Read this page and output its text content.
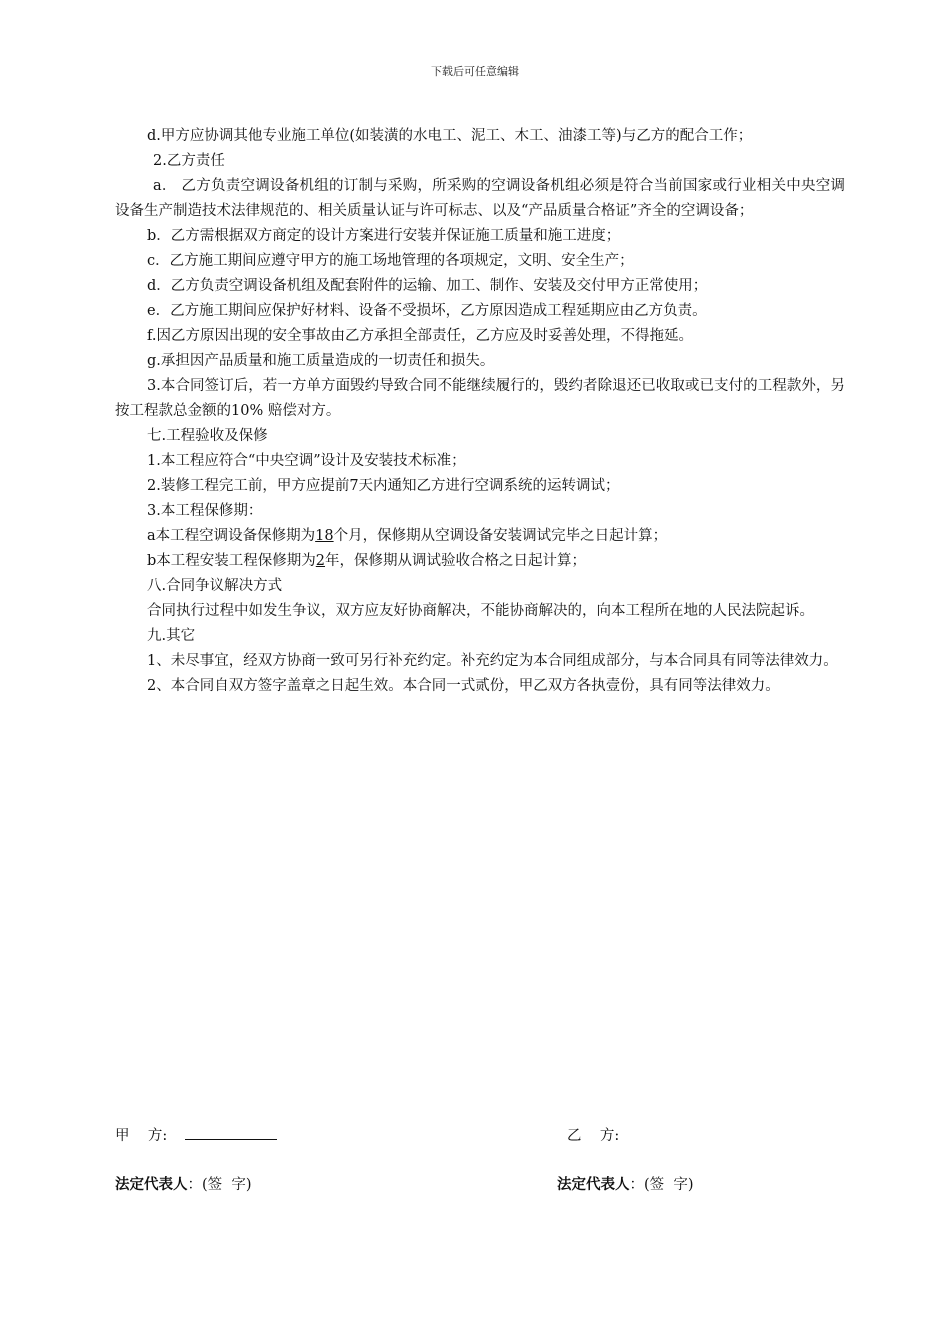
下载后可任意编辑

d.甲方应协调其他专业施工单位(如装潢的水电工、泥工、木工、油漆工等)与乙方的配合工作；

2.乙方责任

a． 乙方负责空调设备机组的订制与采购，所采购的空调设备机组必须是符合当前国家或行业相关中央空调设备生产制造技术法律规范的、相关质量认证与许可标志、以及“产品质量合格证”齐全的空调设备；

b．乙方需根据双方商定的设计方案进行安装并保证施工质量和施工进度；

c．乙方施工期间应遵守甲方的施工场地管理的各项规定，文明、安全生产；

d．乙方负责空调设备机组及配套附件的运输、加工、制作、安装及交付甲方正常使用；

e．乙方施工期间应保护好材料、设备不受损坏，乙方原因造成工程延期应由乙方负责。

f.因乙方原因出现的安全事故由乙方承担全部责任，乙方应及时妥善处理，不得拖延。

g.承担因产品质量和施工质量造成的一切责任和损失。

3.本合同签订后，若一方单方面毁约导致合同不能继续履行的，毁约者除退还已收取或已支付的工程款外，另按工程款总金额的10% 赔偿对方。

七.工程验收及保修

1.本工程应符合“中央空调”设计及安装技术标准；

2.装修工程完工前，甲方应提前7天内通知乙方进行空调系统的运转调试；

3.本工程保修期：

a本工程空调设备保修期为18个月，保修期从空调设备安装调试完毕之日起计算；

b本工程安装工程保修期为2年，保修期从调试验收合格之日起计算；

八.合同争议解决方式

合同执行过程中如发生争议，双方应友好协商解决，不能协商解决的，向本工程所在地的人民法院起诉。

九.其它

1、未尽事宜，经双方协商一致可另行补充约定。补充约定为本合同组成部分，与本合同具有同等法律效力。

2、本合同自双方签字盖章之日起生效。本合同一式贰份，甲乙双方各执壹份，具有同等法律效力。

甲    方:	乙    方:
法定代表人：(签  字)	法定代表人：(签  字)
